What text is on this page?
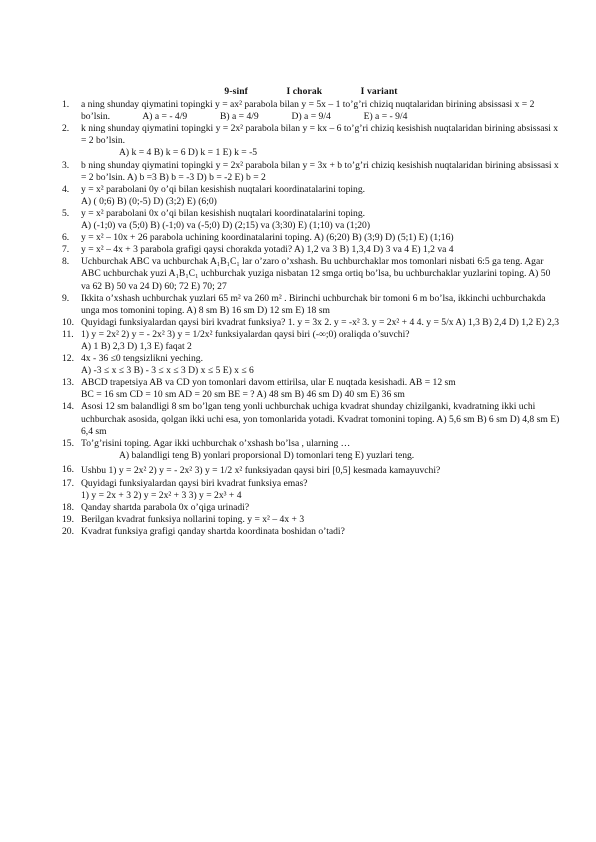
9-sinf	I chorak	I variant
1.	a ning shunday qiymatini topingki y = ax² parabola bilan y = 5x – 1 to’g’ri chiziq nuqtalaridan birining absissasi x = 2 bo’lsin.	A) a = - 4/9	B) a = 4/9	D) a = 9/4	E) a = - 9/4
2.	k ning shunday qiymatini topingki y = 2x² parabola bilan y = kx – 6 to’g’ri chiziq kesishish nuqtalaridan birining absissasi x = 2 bo’lsin.
A) k = 4 B) k = 6 D) k = 1 E) k = -5
3.	b ning shunday qiymatini topingki y = 2x² parabola bilan y = 3x + b to’g’ri chiziq kesishish nuqtalaridan birining absissasi x = 2 bo’lsin. A) b =3 B) b = -3 D) b = -2 E) b = 2
4.	y = x² parabolani 0y o’qi bilan kesishish nuqtalari koordinatalarini toping.
A) ( 0;6) B) (0;-5) D) (3;2) E) (6;0)
5.	y = x² parabolani 0x o’qi bilan kesishish nuqtalari koordinatalarini toping.
A) (-1;0) va (5;0) B) (-1;0) va (-5;0) D) (2;15) va (3;30) E) (1;10) va (1;20)
6.	y = x² – 10x + 26 parabola uchining koordinatalarini toping. A) (6;20) B) (3;9) D) (5;1) E) (1;16)
7.	y = x² – 4x + 3 parabola grafigi qaysi chorakda yotadi? A) 1,2 va 3 B) 1,3,4 D) 3 va 4 E) 1,2 va 4
8.	Uchburchak ABC va uchburchak A₁B₁C₁ lar o’zaro o’xshash. Bu uchburchaklar mos tomonlari nisbati 6:5 ga teng. Agar ABC uchburchak yuzi A₁B₁C₁ uchburchak yuziga nisbatan 12 smga ortiq bo’lsa, bu uchburchaklar yuzlarini toping. A) 50 va 62 B) 50 va 24 D) 60; 72 E) 70; 27
9.	Ikkita o’xshash uchburchak yuzlari 65 m² va 260 m² . Birinchi uchburchak bir tomoni 6 m bo’lsa, ikkinchi uchburchakda unga mos tomonini toping. A) 8 sm B) 16 sm D) 12 sm E) 18 sm
10. Quyidagi funksiyalardan qaysi biri kvadrat funksiya? 1. y = 3x 2. y = -x² 3. y = 2x² + 4 4. y = 5/x A) 1,3 B) 2,4 D) 1,2 E) 2,3
11. 1) y = 2x² 2) y = - 2x² 3) y = 1/2x² funksiyalardan qaysi biri (-∞;0) oraliqda o’suvchi?
A) 1 B) 2,3 D) 1,3 E) faqat 2
12. 4x - 36 ≤0 tengsizlikni yeching.
A) -3 ≤ x ≤ 3 B) - 3 ≤ x ≤ 3 D) x ≤ 5 E) x ≤ 6
13. ABCD trapetsiya AB va CD yon tomonlari davom ettirilsa, ular E nuqtada kesishadi. AB = 12 sm
BC = 16 sm CD = 10 sm AD = 20 sm BE = ? A) 48 sm B) 46 sm D) 40 sm E) 36 sm
14. Asosi 12 sm balandligi 8 sm bo’lgan teng yonli uchburchak uchiga kvadrat shunday chizilganki, kvadratning ikki uchi uchburchak asosida, qolgan ikki uchi esa, yon tomonlarida yotadi. Kvadrat tomonini toping. A) 5,6 sm B) 6 sm D) 4,8 sm E) 6,4 sm
15. To’g’risini toping. Agar ikki uchburchak o’xshash bo’lsa , ularning …
A) balandligi teng B) yonlari proporsional D) tomonlari teng E) yuzlari teng.
16. Ushbu 1) y = 2x² 2) y = - 2x² 3) y = 1/2 x² funksiyadan qaysi biri [0,5] kesmada kamayuvchi?
17. Quyidagi funksiyalardan qaysi biri kvadrat funksiya emas?
1) y = 2x + 3 2) y = 2x² + 3 3) y = 2x³ + 4
18. Qanday shartda parabola 0x o’qiga urinadi?
19. Berilgan kvadrat funksiya nollarini toping. y = x² – 4x + 3
20. Kvadrat funksiya grafigi qanday shartda koordinata boshidan o’tadi?
